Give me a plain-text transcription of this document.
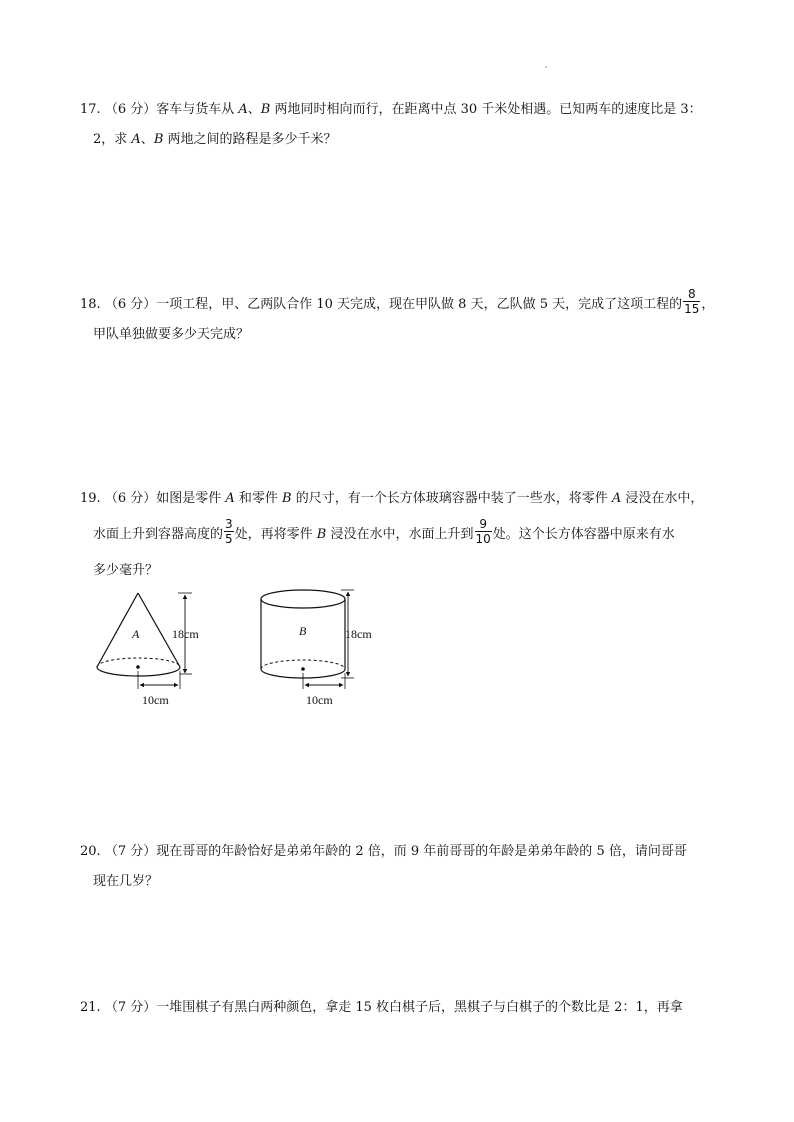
17. （6 分）客车与货车从 A、B 两地同时相向而行，在距离中点 30 千米处相遇。已知两车的速度比是 3：
2，求 A、B 两地之间的路程是多少千米？
18. （6 分）一项工程，甲、乙两队合作 10 天完成，现在甲队做 8 天，乙队做 5 天，完成了这项工程的 $\frac{8}{15}$ ，
甲队单独做要多少天完成？
19. （6 分）如图是零件 A 和零件 B 的尺寸，有一个长方体玻璃容器中装了一些水，将零件 A 浸没在水中，
水面上升到容器高度的 $\frac{3}{5}$ 处，再将零件 B 浸没在水中，水面上升到 $\frac{9}{10}$ 处。这个长方体容器中原来有水
多少毫升？
A	18cm
10cm
B	18cm
10cm
20. （7 分）现在哥哥的年龄恰好是弟弟年龄的 2 倍，而 9 年前哥哥的年龄是弟弟年龄的 5 倍，请问哥哥
现在几岁？
21. （7 分）一堆围棋子有黑白两种颜色，拿走 15 枚白棋子后，黑棋子与白棋子的个数比是 2：1，再拿
